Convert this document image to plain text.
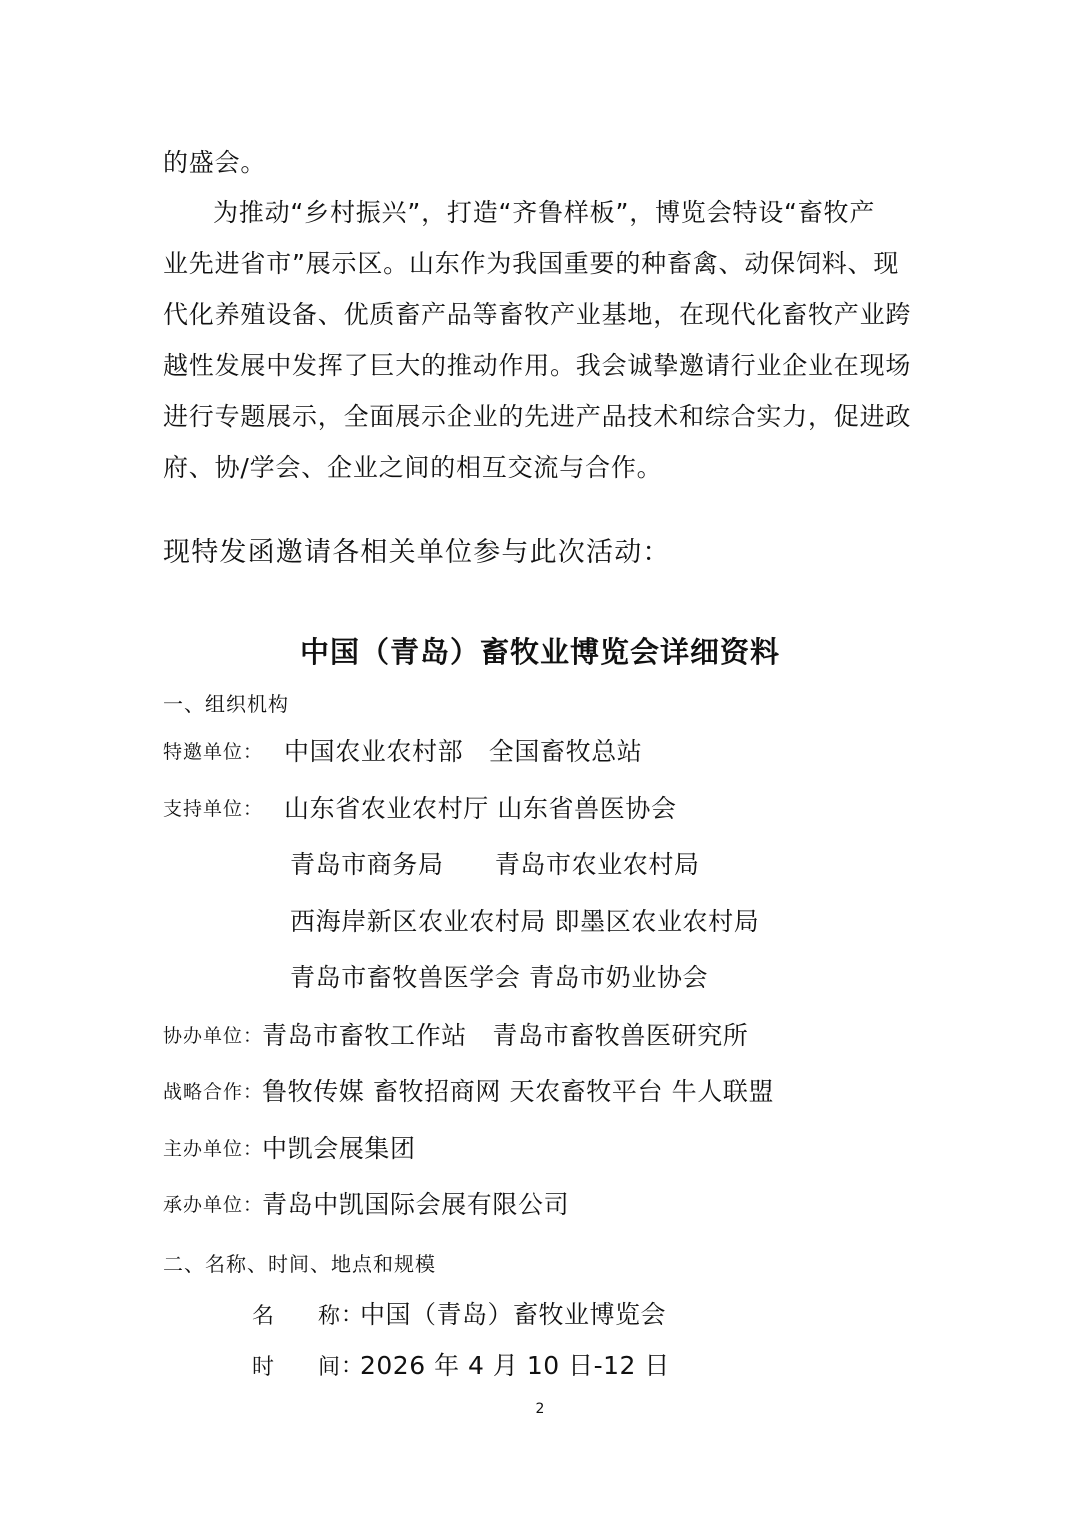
的盛会。
为推动“乡村振兴”，打造“齐鲁样板”，博览会特设“畜牧产
业先进省市”展示区。山东作为我国重要的种畜禽、动保饲料、现
代化养殖设备、优质畜产品等畜牧产业基地，在现代化畜牧产业跨
越性发展中发挥了巨大的推动作用。我会诚挚邀请行业企业在现场
进行专题展示，全面展示企业的先进产品技术和综合实力，促进政
府、协/学会、企业之间的相互交流与合作。
现特发函邀请各相关单位参与此次活动：
中国（青岛）畜牧业博览会详细资料
一、组织机构
特邀单位： 中国农业农村部　全国畜牧总站
支持单位： 山东省农业农村厅 山东省兽医协会
青岛市商务局　　青岛市农业农村局
西海岸新区农业农村局 即墨区农业农村局
青岛市畜牧兽医学会 青岛市奶业协会
协办单位：
青岛市畜牧工作站　青岛市畜牧兽医研究所
战略合作：
鲁牧传媒 畜牧招商网 天农畜牧平台 牛人联盟
主办单位：
中凯会展集团
承办单位：
青岛中凯国际会展有限公司
二、名称、时间、地点和规模
名 称 ：
中国（青岛）畜牧业博览会
时 间 ：
2026 年 4 月 10 日-12 日
2
